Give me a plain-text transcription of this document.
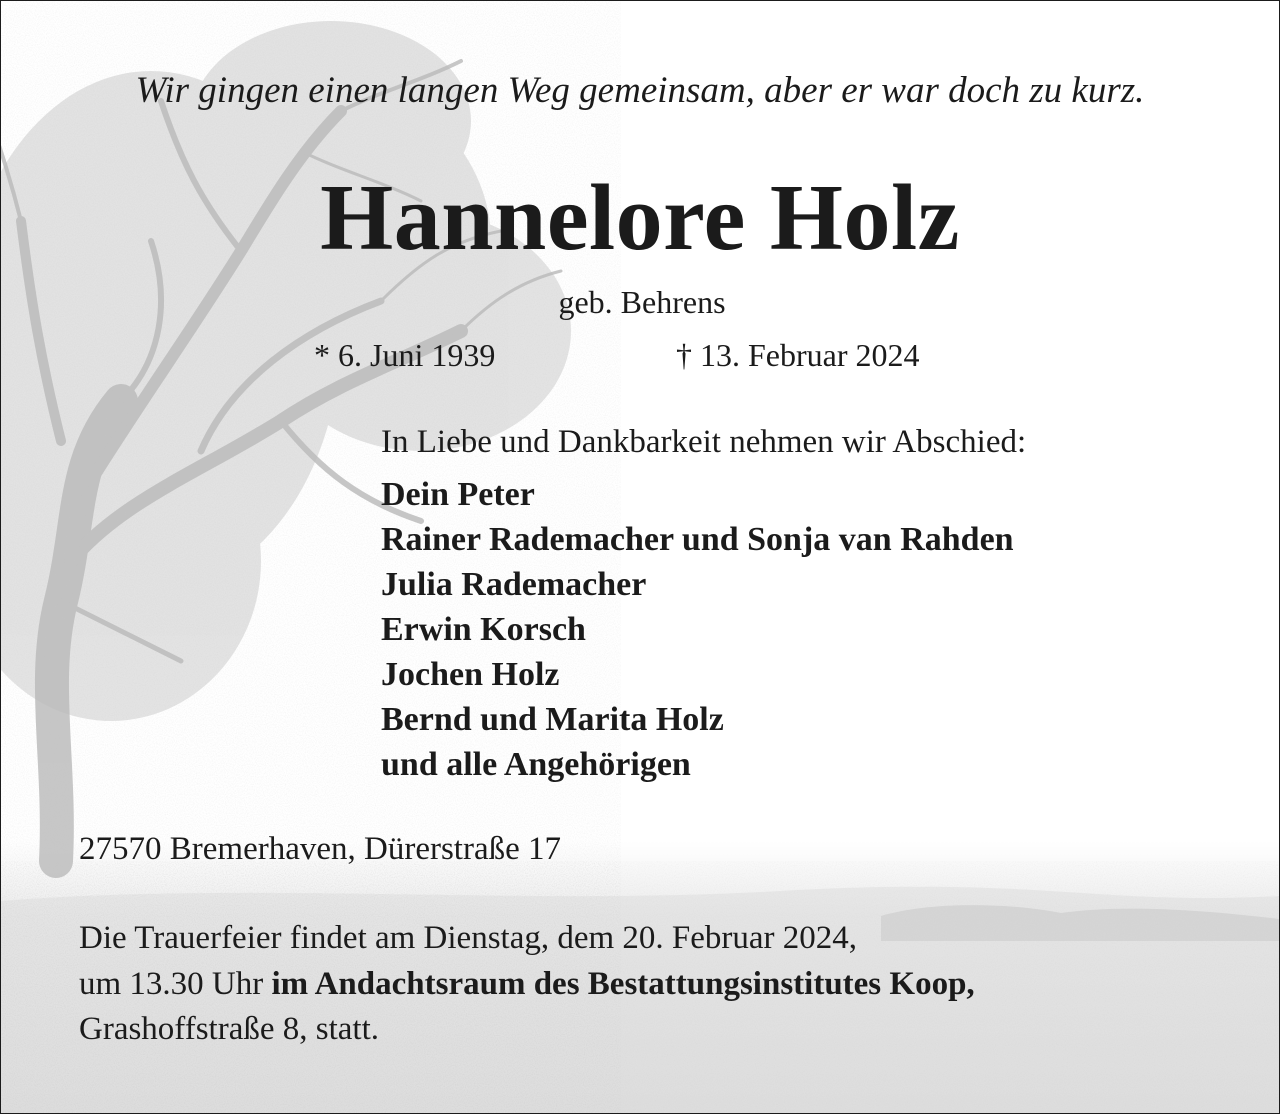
Wir gingen einen langen Weg gemeinsam, aber er war doch zu kurz.

Hannelore Holz

geb. Behrens

* 6. Juni 1939	† 13. Februar 2024

In Liebe und Dankbarkeit nehmen wir Abschied:

Dein Peter
Rainer Rademacher und Sonja van Rahden
Julia Rademacher
Erwin Korsch
Jochen Holz
Bernd und Marita Holz
und alle Angehörigen

27570 Bremerhaven, Dürerstraße 17

Die Trauerfeier findet am Dienstag, dem 20. Februar 2024,
um 13.30 Uhr im Andachtsraum des Bestattungsinstitutes Koop,
Grashoffstraße 8, statt.
